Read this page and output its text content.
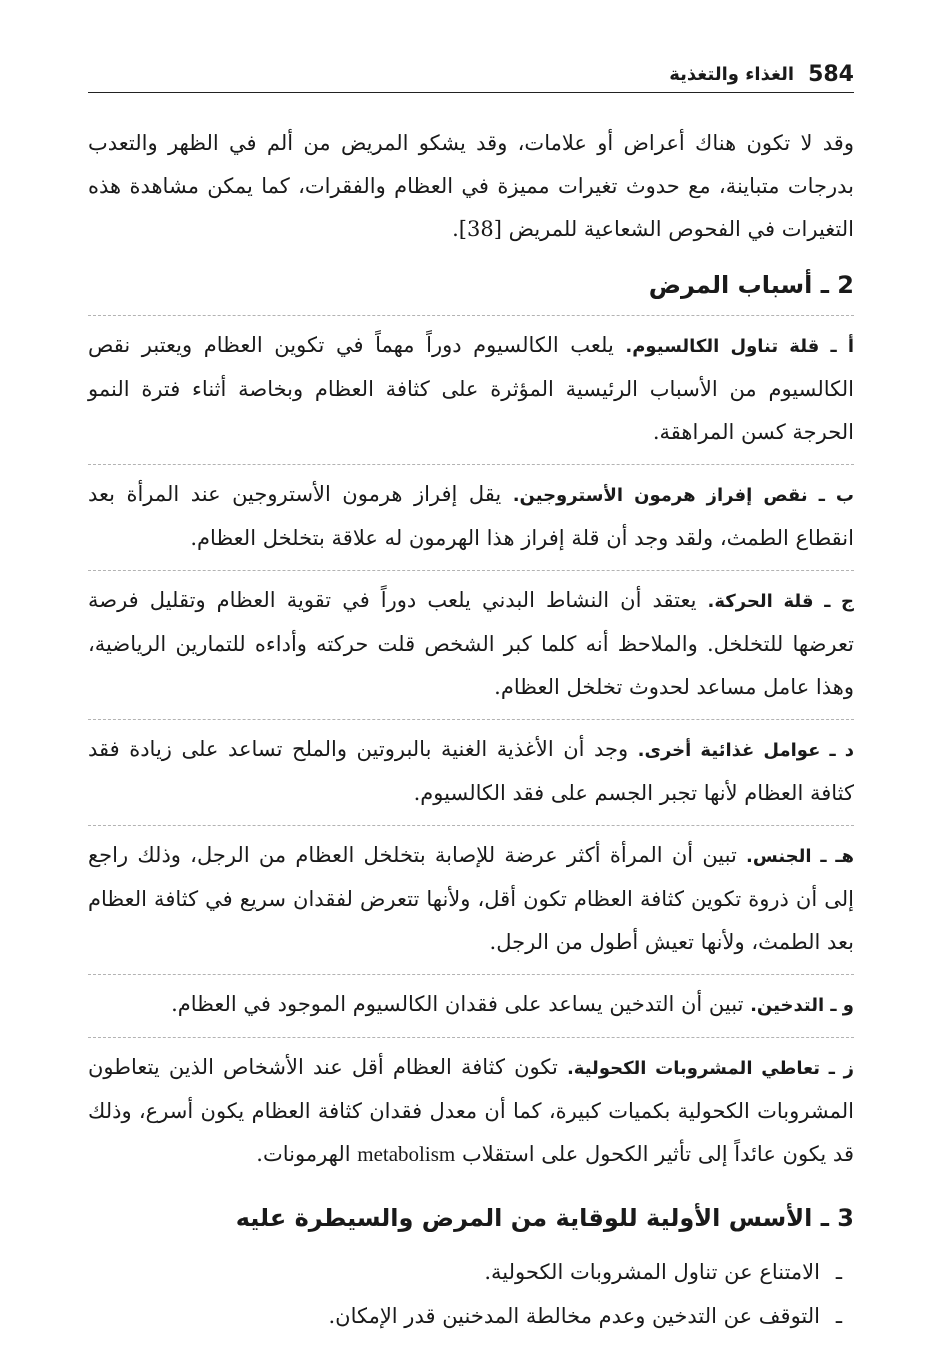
584
الغذاء والتغذية

وقد لا تكون هناك أعراض أو علامات، وقد يشكو المريض من ألم في الظهر والتعدب بدرجات متباينة، مع حدوث تغيرات مميزة في العظام والفقرات، كما يمكن مشاهدة هذه التغيرات في الفحوص الشعاعية للمريض [38].

2 ـ أسباب المرض

أ ـ قلة تناول الكالسيوم. يلعب الكالسيوم دوراً مهماً في تكوين العظام ويعتبر نقص الكالسيوم من الأسباب الرئيسية المؤثرة على كثافة العظام وبخاصة أثناء فترة النمو الحرجة كسن المراهقة.

ب ـ نقص إفراز هرمون الأستروجين. يقل إفراز هرمون الأستروجين عند المرأة بعد انقطاع الطمث، ولقد وجد أن قلة إفراز هذا الهرمون له علاقة بتخلخل العظام.

ج ـ قلة الحركة. يعتقد أن النشاط البدني يلعب دوراً في تقوية العظام وتقليل فرصة تعرضها للتخلخل. والملاحظ أنه كلما كبر الشخص قلت حركته وأداءه للتمارين الرياضية، وهذا عامل مساعد لحدوث تخلخل العظام.

د ـ عوامل غذائية أخرى. وجد أن الأغذية الغنية بالبروتين والملح تساعد على زيادة فقد كثافة العظام لأنها تجبر الجسم على فقد الكالسيوم.

هـ ـ الجنس. تبين أن المرأة أكثر عرضة للإصابة بتخلخل العظام من الرجل، وذلك راجع إلى أن ذروة تكوين كثافة العظام تكون أقل، ولأنها تتعرض لفقدان سريع في كثافة العظام بعد الطمث، ولأنها تعيش أطول من الرجل.

و ـ التدخين. تبين أن التدخين يساعد على فقدان الكالسيوم الموجود في العظام.

ز ـ تعاطي المشروبات الكحولية. تكون كثافة العظام أقل عند الأشخاص الذين يتعاطون المشروبات الكحولية بكميات كبيرة، كما أن معدل فقدان كثافة العظام يكون أسرع، وذلك قد يكون عائداً إلى تأثير الكحول على استقلاب metabolism الهرمونات.

3 ـ الأسس الأولية للوقاية من المرض والسيطرة عليه
ـالامتناع عن تناول المشروبات الكحولية.
ـالتوقف عن التدخين وعدم مخالطة المدخنين قدر الإمكان.
